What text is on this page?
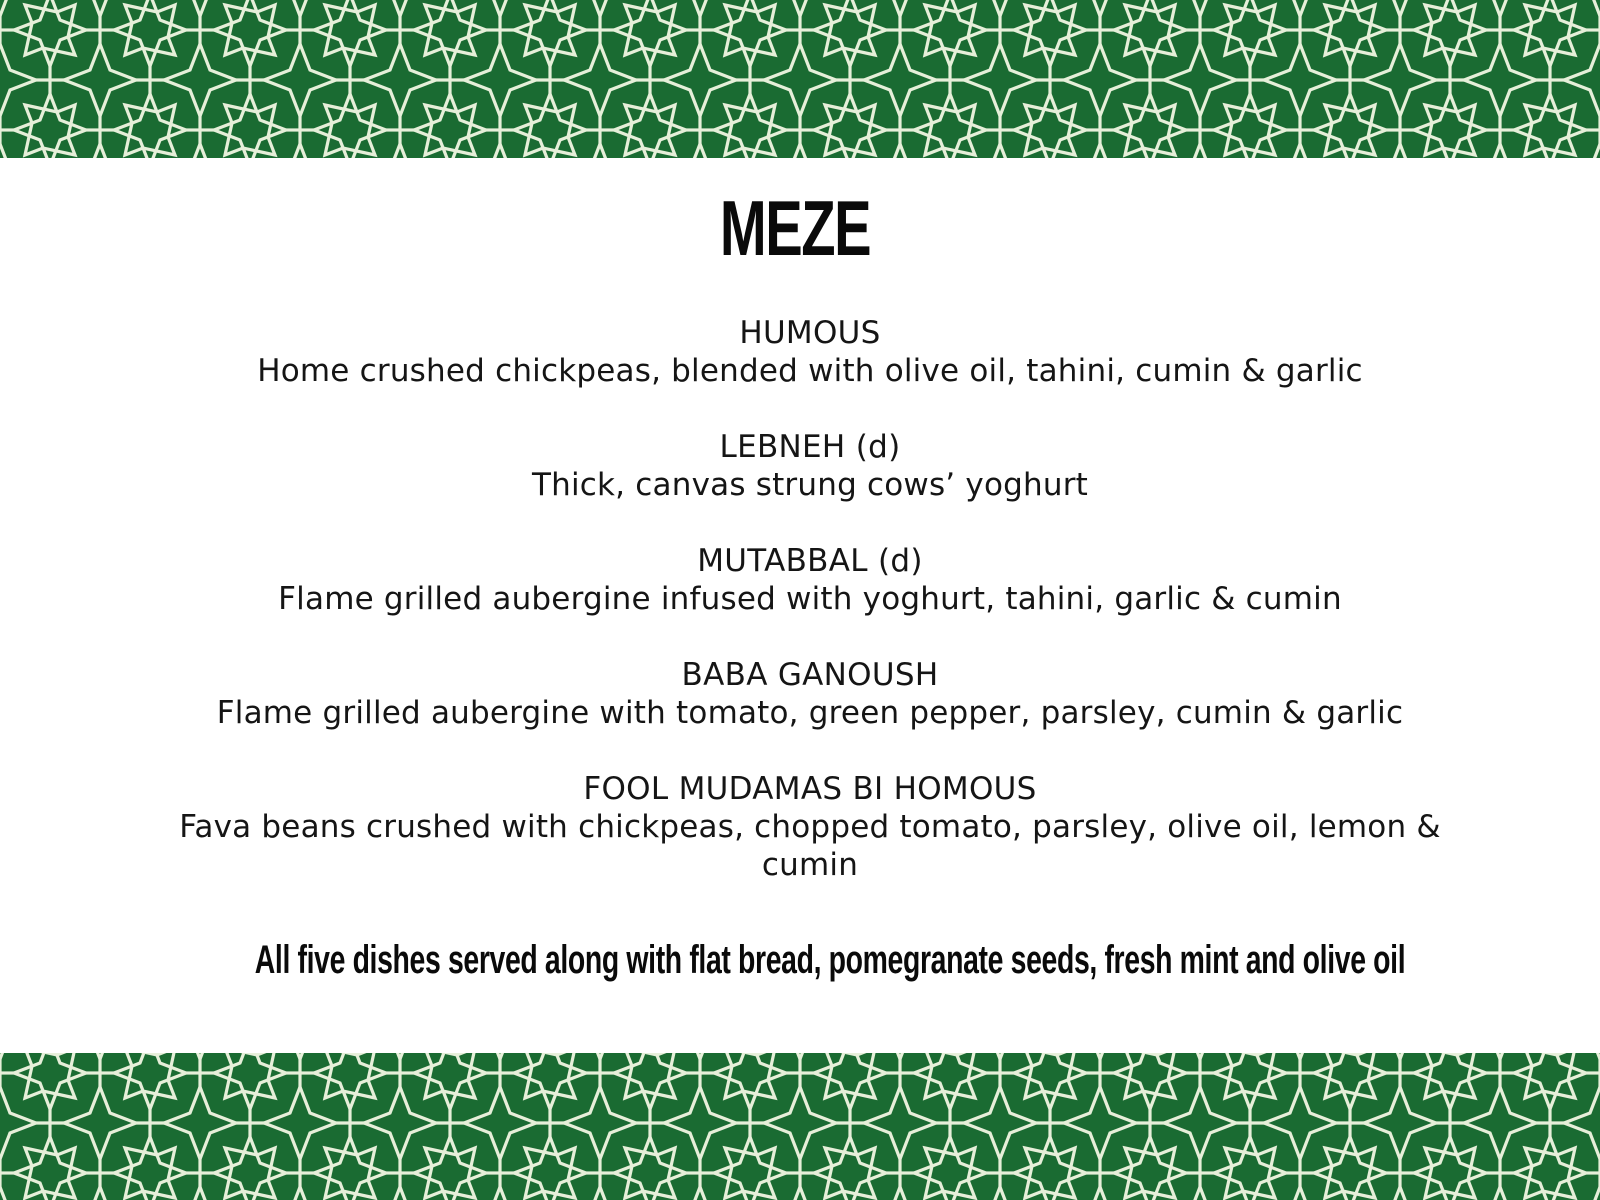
MEZE
HUMOUS
Home crushed chickpeas, blended with olive oil, tahini, cumin & garlic
LEBNEH (d)
Thick, canvas strung cows’ yoghurt
MUTABBAL (d)
Flame grilled aubergine infused with yoghurt, tahini, garlic & cumin
BABA GANOUSH
Flame grilled aubergine with tomato, green pepper, parsley, cumin & garlic
FOOL MUDAMAS BI HOMOUS
Fava beans crushed with chickpeas, chopped tomato, parsley, olive oil, lemon & cumin
All five dishes served along with flat bread, pomegranate seeds, fresh mint and olive oil
